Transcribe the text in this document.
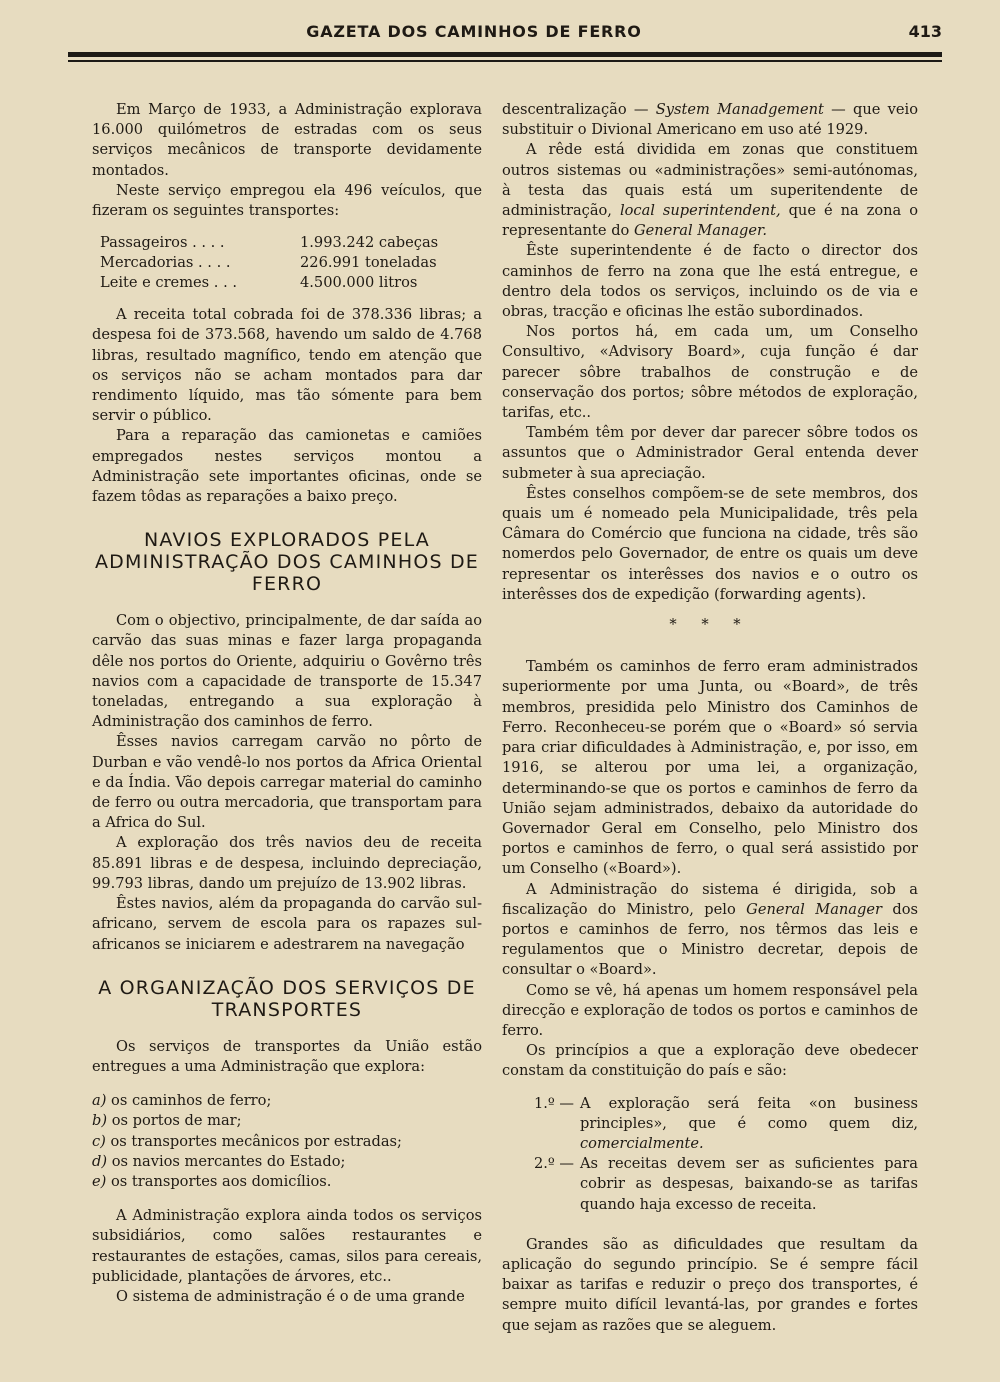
GAZETA DOS CAMINHOS DE FERRO	413

Em Março de 1933, a Administração explorava 16.000 quilómetros de estradas com os seus serviços mecânicos de transporte devidamente montados.

Neste serviço empregou ela 496 veículos, que fizeram os seguintes transportes:

Passageiros . . . .	1.993.242 cabeças
Mercadorias . . . .	226.991 toneladas
Leite e cremes . . .	4.500.000 litros

A receita total cobrada foi de 378.336 libras; a despesa foi de 373.568, havendo um saldo de 4.768 libras, resultado magnífico, tendo em atenção que os serviços não se acham montados para dar rendimento líquido, mas tão sómente para bem servir o público.

Para a reparação das camionetas e camiões empregados nestes serviços montou a Administração sete importantes oficinas, onde se fazem tôdas as reparações a baixo preço.

NAVIOS EXPLORADOS PELA ADMINISTRAÇÃO DOS CAMINHOS DE FERRO

Com o objectivo, principalmente, de dar saída ao carvão das suas minas e fazer larga propaganda dêle nos portos do Oriente, adquiriu o Govêrno três navios com a capacidade de transporte de 15.347 toneladas, entregando a sua exploração à Administração dos caminhos de ferro.

Êsses navios carregam carvão no pôrto de Durban e vão vendê-lo nos portos da Africa Oriental e da Índia. Vão depois carregar material do caminho de ferro ou outra mercadoria, que transportam para a Africa do Sul.

A exploração dos três navios deu de receita 85.891 libras e de despesa, incluindo depreciação, 99.793 libras, dando um prejuízo de 13.902 libras.

Êstes navios, além da propaganda do carvão sul-africano, servem de escola para os rapazes sul-africanos se iniciarem e adestrarem na navegação

A ORGANIZAÇÃO DOS SERVIÇOS DE TRANSPORTES

Os serviços de transportes da União estão entregues a uma Administração que explora:

a) os caminhos de ferro;
b) os portos de mar;
c) os transportes mecânicos por estradas;
d) os navios mercantes do Estado;
e) os transportes aos domicílios.

A Administração explora ainda todos os serviços subsidiários, como salões restaurantes e restaurantes de estações, camas, silos para cereais, publicidade, plantações de árvores, etc..

O sistema de administração é o de uma grande

descentralização — System Manadgement — que veio substituir o Divional Americano em uso até 1929.

A rêde está dividida em zonas que constituem outros sistemas ou «administrações» semi-autónomas, à testa das quais está um superitendente de administração, local superintendent, que é na zona o representante do General Manager.

Êste superintendente é de facto o director dos caminhos de ferro na zona que lhe está entregue, e dentro dela todos os serviços, incluindo os de via e obras, tracção e oficinas lhe estão subordinados.

Nos portos há, em cada um, um Conselho Consultivo, «Advisory Board», cuja função é dar parecer sôbre trabalhos de construção e de conservação dos portos; sôbre métodos de exploração, tarifas, etc..

Também têm por dever dar parecer sôbre todos os assuntos que o Administrador Geral entenda dever submeter à sua apreciação.

Êstes conselhos compõem-se de sete membros, dos quais um é nomeado pela Municipalidade, três pela Câmara do Comércio que funciona na cidade, três são nomerdos pelo Governador, de entre os quais um deve representar os interêsses dos navios e o outro os interêsses dos de expedição (forwarding agents).

* * *

Também os caminhos de ferro eram administrados superiormente por uma Junta, ou «Board», de três membros, presidida pelo Ministro dos Caminhos de Ferro. Reconheceu-se porém que o «Board» só servia para criar dificuldades à Administração, e, por isso, em 1916, se alterou por uma lei, a organização, determinando-se que os portos e caminhos de ferro da União sejam administrados, debaixo da autoridade do Governador Geral em Conselho, pelo Ministro dos portos e caminhos de ferro, o qual será assistido por um Conselho («Board»).

A Administração do sistema é dirigida, sob a fiscalização do Ministro, pelo General Manager dos portos e caminhos de ferro, nos têrmos das leis e regulamentos que o Ministro decretar, depois de consultar o «Board».

Como se vê, há apenas um homem responsável pela direcção e exploração de todos os portos e caminhos de ferro.

Os princípios a que a exploração deve obedecer constam da constituição do país e são:

1.º — A exploração será feita «on business principles», que é como quem diz, comercialmente.
2.º — As receitas devem ser as suficientes para cobrir as despesas, baixando-se as tarifas quando haja excesso de receita.

Grandes são as dificuldades que resultam da aplicação do segundo princípio. Se é sempre fácil baixar as tarifas e reduzir o preço dos transportes, é sempre muito difícil levantá-las, por grandes e fortes que sejam as razões que se aleguem.
